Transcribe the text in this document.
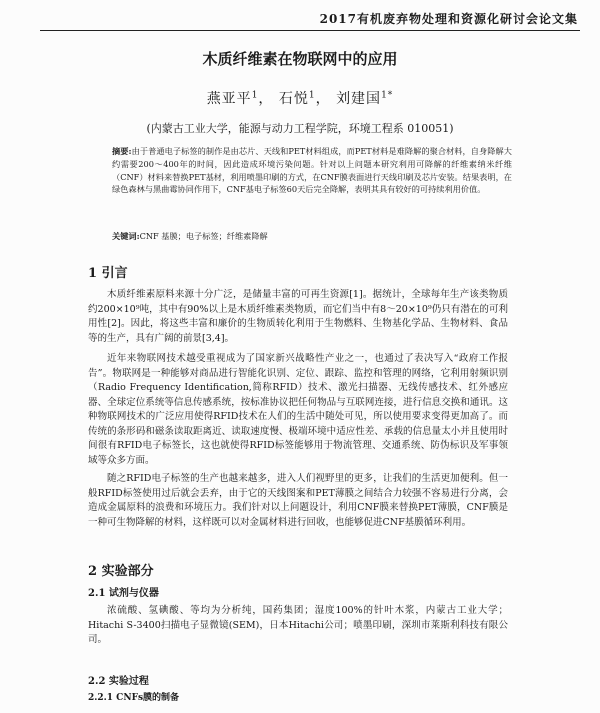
2017有机废弃物处理和资源化研讨会论文集
木质纤维素在物联网中的应用
燕亚平$^1$， 石悦$^1$， 刘建国$^{1*}$
(内蒙古工业大学，能源与动力工程学院，环境工程系 010051)
摘要:由于普通电子标签的制作是由芯片、天线和PET材料组成，而PET材料是难降解的聚合材料，自身降解大约需要200～400年的时间，因此造成环境污染问题。针对以上问题本研究利用可降解的纤维素纳米纤维（CNF）材料来替换PET基材，利用喷墨印刷的方式，在CNF膜表面进行天线印刷及芯片安装。结果表明，在绿色森林与黑曲霉协同作用下，CNF基电子标签60天后完全降解，表明其具有较好的可持续利用价值。
关键词:CNF 基膜；电子标签；纤维素降解
1 引言

木质纤维素原料来源十分广泛，是储量丰富的可再生资源[1]。据统计，全球每年生产该类物质约200×10⁹吨，其中有90%以上是木质纤维素类物质，而它们当中有8～20×10⁹仍只有潜在的可利用性[2]。因此，将这些丰富和廉价的生物质转化利用于生物燃料、生物基化学品、生物材料、食品等的生产，具有广阔的前景[3,4]。

近年来物联网技术越受重视成为了国家新兴战略性产业之一，也通过了表决写入“政府工作报告”。物联网是一种能够对商品进行智能化识别、定位、跟踪、监控和管理的网络，它利用射频识别（Radio Frequency Identification,简称RFID）技术、激光扫描器、无线传感技术、红外感应器、全球定位系统等信息传感系统，按标准协议把任何物品与互联网连接，进行信息交换和通讯。这种物联网技术的广泛应用使得RFID技术在人们的生活中随处可见，所以使用要求变得更加高了。而传统的条形码和磁条读取距离近、读取速度慢、极端环境中适应性差、承载的信息量太小并且使用时间很有RFID电子标签长，这也就使得RFID标签能够用于物流管理、交通系统、防伪标识及军事领域等众多方面。

随之RFID电子标签的生产也越来越多，进入人们视野里的更多，让我们的生活更加便利。但一般RFID标签使用过后就会丢弃，由于它的天线图案和PET薄膜之间结合力较强不容易进行分离，会造成金属原料的浪费和环境压力。我们针对以上问题设计，利用CNF膜来替换PET薄膜，CNF膜是一种可生物降解的材料，这样既可以对金属材料进行回收，也能够促进CNF基膜循环利用。

2 实验部分
2.1 试剂与仪器

浓硫酸、氢碘酸、等均为分析纯，国药集团；湿度100%的针叶木浆，内蒙古工业大学；Hitachi S-3400扫描电子显微镜(SEM)，日本Hitachi公司；喷墨印刷，深圳市莱斯利科技有限公司。

2.2 实验过程
2.2.1 CNFs膜的制备
